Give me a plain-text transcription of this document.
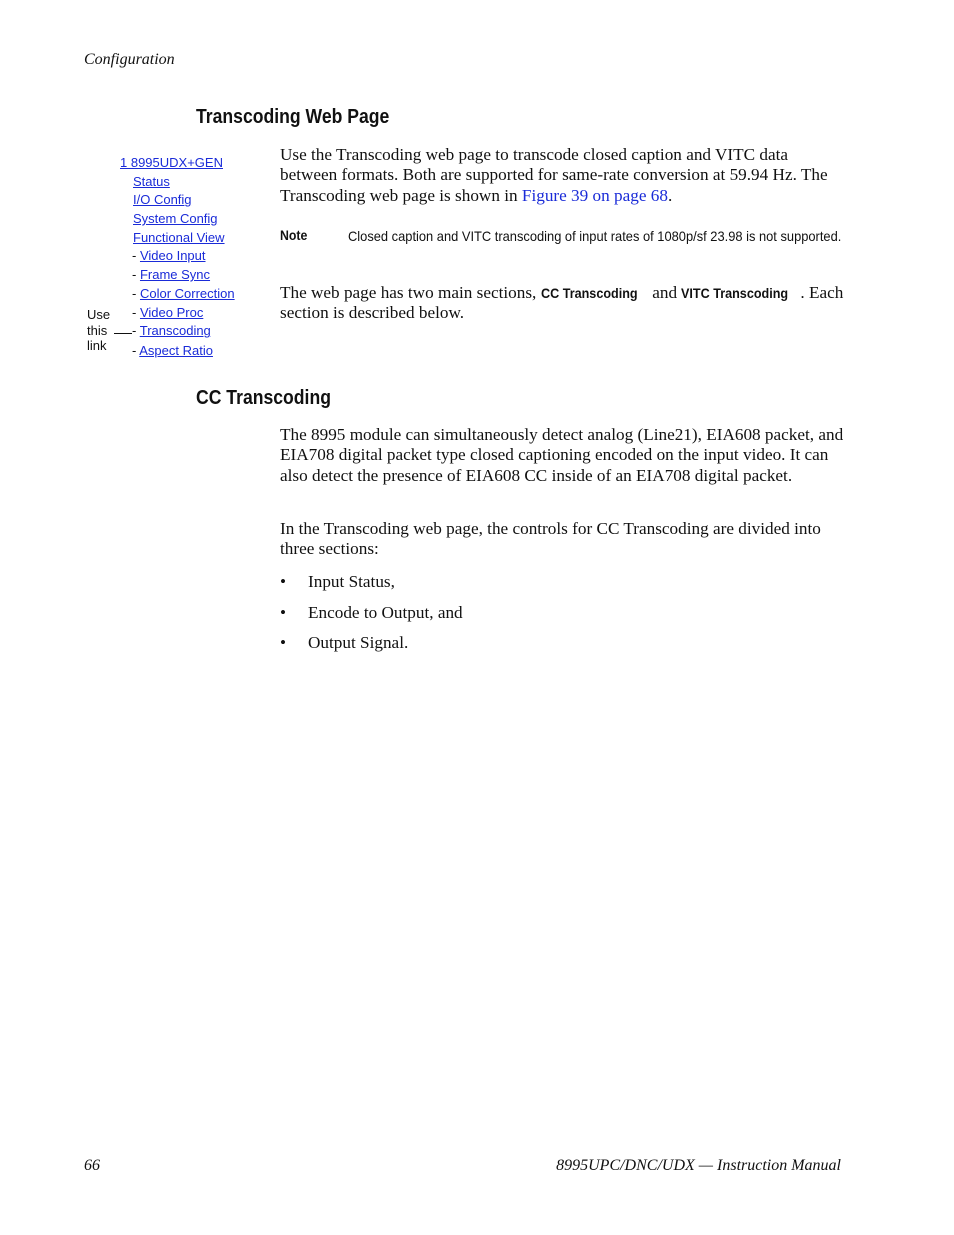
Configuration
Transcoding Web Page
1 8995UDX+GEN
Status
I/O Config
System Config
Functional View
- Video Input
- Frame Sync
- Color Correction
- Video Proc
- Transcoding
- Aspect Ratio
Use
this
link
Use the Transcoding web page to transcode closed caption and VITC data between formats. Both are supported for same-rate conversion at 59.94 Hz. The Transcoding web page is shown in Figure 39 on page 68.
Note	Closed caption and VITC transcoding of input rates of 1080p/sf 23.98 is not supported.
The web page has two main sections, CC Transcoding and VITC Transcoding . Each section is described below.
CC Transcoding
The 8995 module can simultaneously detect analog (Line21), EIA608 packet, and EIA708 digital packet type closed captioning encoded on the input video. It can also detect the presence of EIA608 CC inside of an EIA708 digital packet.
In the Transcoding web page, the controls for CC Transcoding are divided into three sections:
• Input Status,
• Encode to Output, and
• Output Signal.
66	8995UPC/DNC/UDX — Instruction Manual
